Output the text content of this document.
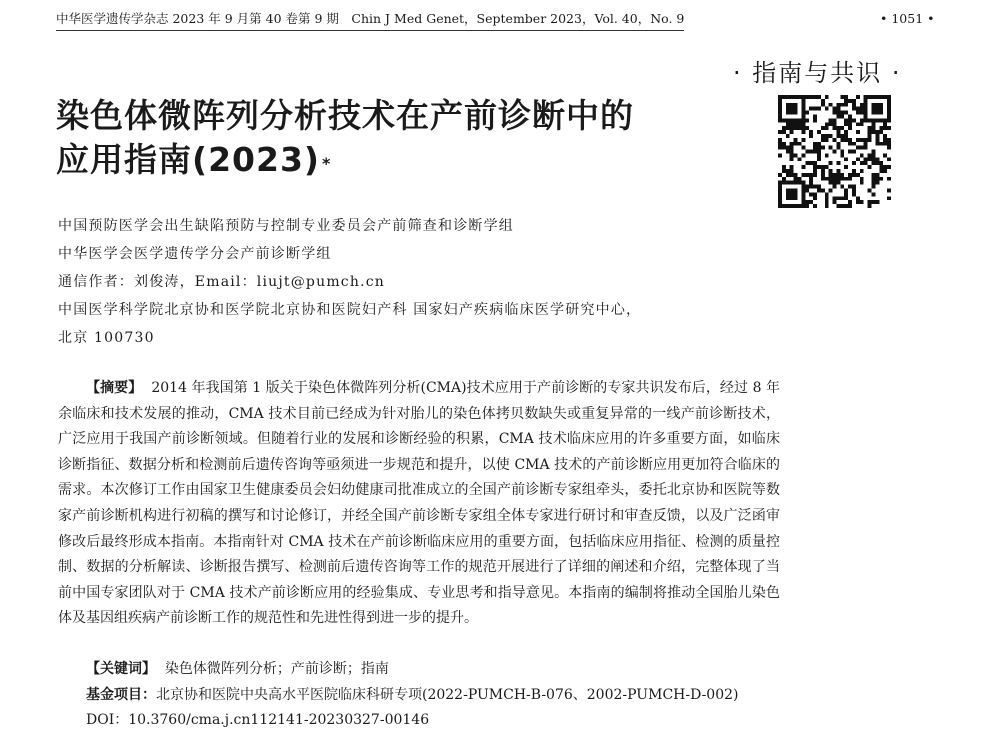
中华医学遗传学杂志 2023 年 9 月第 40 卷第 9 期　Chin J Med Genet，September 2023，Vol. 40，No. 9	• 1051 •
· 指南与共识 ·
染色体微阵列分析技术在产前诊断中的
应用指南(2023) *
中国预防医学会出生缺陷预防与控制专业委员会产前筛查和诊断学组
中华医学会医学遗传学分会产前诊断学组
通信作者：刘俊涛，Email：liujt@pumch.cn
中国医学科学院北京协和医学院北京协和医院妇产科 国家妇产疾病临床医学研究中心，
北京 100730
【摘要】 2014 年我国第 1 版关于染色体微阵列分析(CMA)技术应用于产前诊断的专家共识发布后，经过 8 年余临床和技术发展的推动，CMA 技术目前已经成为针对胎儿的染色体拷贝数缺失或重复异常的一线产前诊断技术，广泛应用于我国产前诊断领域。但随着行业的发展和诊断经验的积累，CMA 技术临床应用的许多重要方面，如临床诊断指征、数据分析和检测前后遗传咨询等亟须进一步规范和提升，以使 CMA 技术的产前诊断应用更加符合临床的需求。本次修订工作由国家卫生健康委员会妇幼健康司批准成立的全国产前诊断专家组牵头，委托北京协和医院等数家产前诊断机构进行初稿的撰写和讨论修订，并经全国产前诊断专家组全体专家进行研讨和审查反馈，以及广泛函审修改后最终形成本指南。本指南针对 CMA 技术在产前诊断临床应用的重要方面，包括临床应用指征、检测的质量控制、数据的分析解读、诊断报告撰写、检测前后遗传咨询等工作的规范开展进行了详细的阐述和介绍，完整体现了当前中国专家团队对于 CMA 技术产前诊断应用的经验集成、专业思考和指导意见。本指南的编制将推动全国胎儿染色体及基因组疾病产前诊断工作的规范性和先进性得到进一步的提升。
【关键词】 染色体微阵列分析；产前诊断；指南
基金项目：北京协和医院中央高水平医院临床科研专项(2022-PUMCH-B-076、2002-PUMCH-D-002)
DOI：10.3760/cma.j.cn112141-20230327-00146
